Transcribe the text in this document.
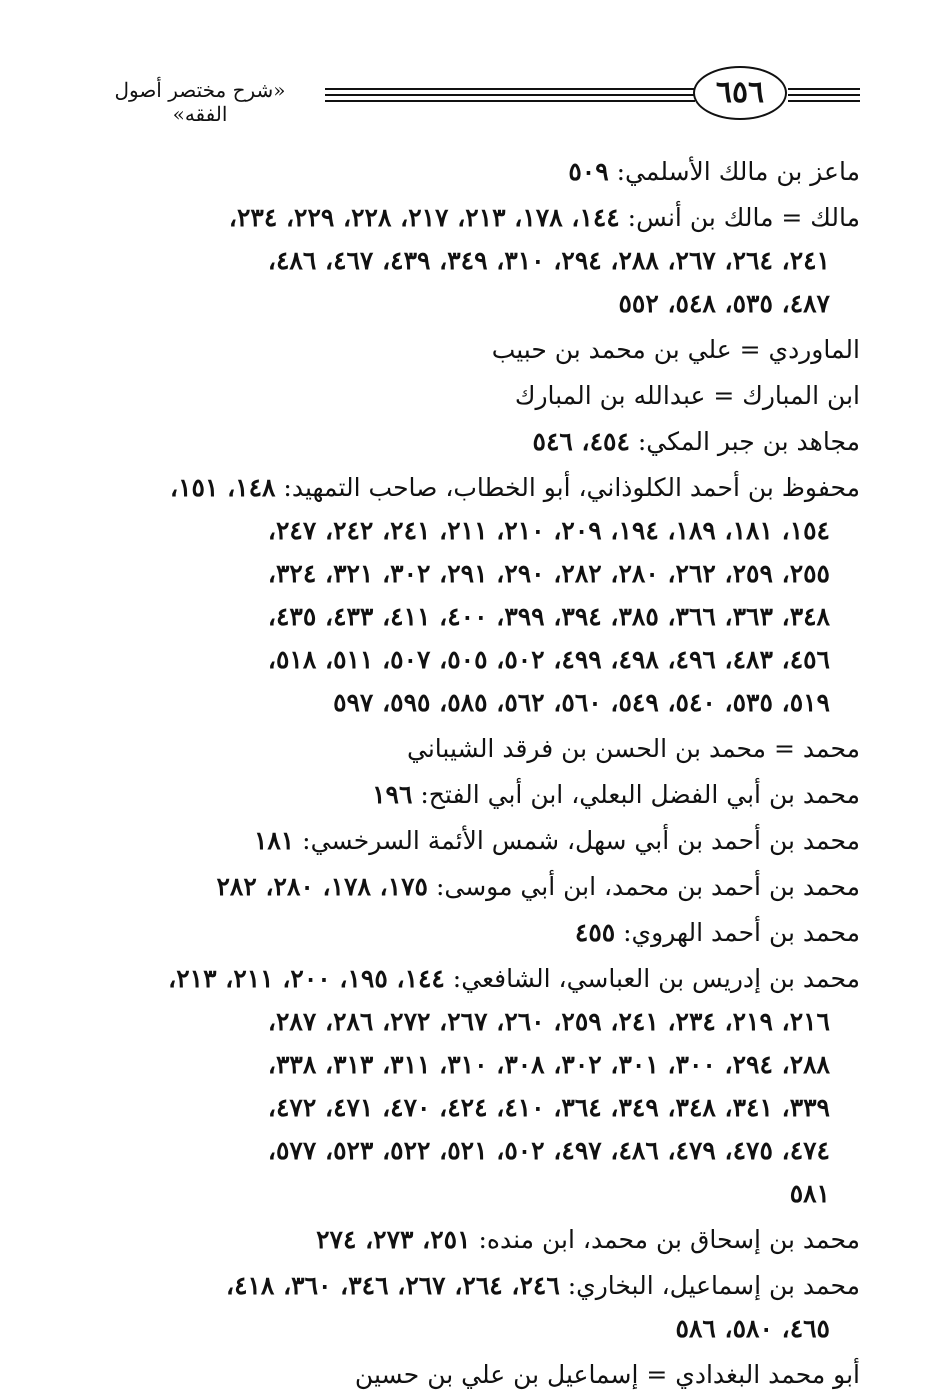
٦٥٦
«شرح مختصر أصول الفقه»
ماعز بن مالك الأسلمي: ٥٠٩
مالك = مالك بن أنس: ١٤٤، ١٧٨، ٢١٣، ٢١٧، ٢٢٨، ٢٢٩، ٢٣٤،
٢٤١، ٢٦٤، ٢٦٧، ٢٨٨، ٢٩٤، ٣١٠، ٣٤٩، ٤٣٩، ٤٦٧، ٤٨٦،
٤٨٧، ٥٣٥، ٥٤٨، ٥٥٢
الماوردي = علي بن محمد بن حبيب
ابن المبارك = عبدالله بن المبارك
مجاهد بن جبر المكي: ٤٥٤، ٥٤٦
محفوظ بن أحمد الكلوذاني، أبو الخطاب، صاحب التمهيد: ١٤٨، ١٥١،
١٥٤، ١٨١، ١٨٩، ١٩٤، ٢٠٩، ٢١٠، ٢١١، ٢٤١، ٢٤٢، ٢٤٧،
٢٥٥، ٢٥٩، ٢٦٢، ٢٨٠، ٢٨٢، ٢٩٠، ٢٩١، ٣٠٢، ٣٢١، ٣٢٤،
٣٤٨، ٣٦٣، ٣٦٦، ٣٨٥، ٣٩٤، ٣٩٩، ٤٠٠، ٤١١، ٤٣٣، ٤٣٥،
٤٥٦، ٤٨٣، ٤٩٦، ٤٩٨، ٤٩٩، ٥٠٢، ٥٠٥، ٥٠٧، ٥١١، ٥١٨،
٥١٩، ٥٣٥، ٥٤٠، ٥٤٩، ٥٦٠، ٥٦٢، ٥٨٥، ٥٩٥، ٥٩٧
محمد = محمد بن الحسن بن فرقد الشيباني
محمد بن أبي الفضل البعلي، ابن أبي الفتح: ١٩٦
محمد بن أحمد بن أبي سهل، شمس الأئمة السرخسي: ١٨١
محمد بن أحمد بن محمد، ابن أبي موسى: ١٧٥، ١٧٨، ٢٨٠، ٢٨٢
محمد بن أحمد الهروي: ٤٥٥
محمد بن إدريس بن العباسي، الشافعي: ١٤٤، ١٩٥، ٢٠٠، ٢١١، ٢١٣،
٢١٦، ٢١٩، ٢٣٤، ٢٤١، ٢٥٩، ٢٦٠، ٢٦٧، ٢٧٢، ٢٨٦، ٢٨٧،
٢٨٨، ٢٩٤، ٣٠٠، ٣٠١، ٣٠٢، ٣٠٨، ٣١٠، ٣١١، ٣١٣، ٣٣٨،
٣٣٩، ٣٤١، ٣٤٨، ٣٤٩، ٣٦٤، ٤١٠، ٤٢٤، ٤٧٠، ٤٧١، ٤٧٢،
٤٧٤، ٤٧٥، ٤٧٩، ٤٨٦، ٤٩٧، ٥٠٢، ٥٢١، ٥٢٢، ٥٢٣، ٥٧٧،
٥٨١
محمد بن إسحاق بن محمد، ابن منده: ٢٥١، ٢٧٣، ٢٧٤
محمد بن إسماعيل، البخاري: ٢٤٦، ٢٦٤، ٢٦٧، ٣٤٦، ٣٦٠، ٤١٨،
٤٦٥، ٥٨٠، ٥٨٦
أبو محمد البغدادي = إسماعيل بن علي بن حسين
